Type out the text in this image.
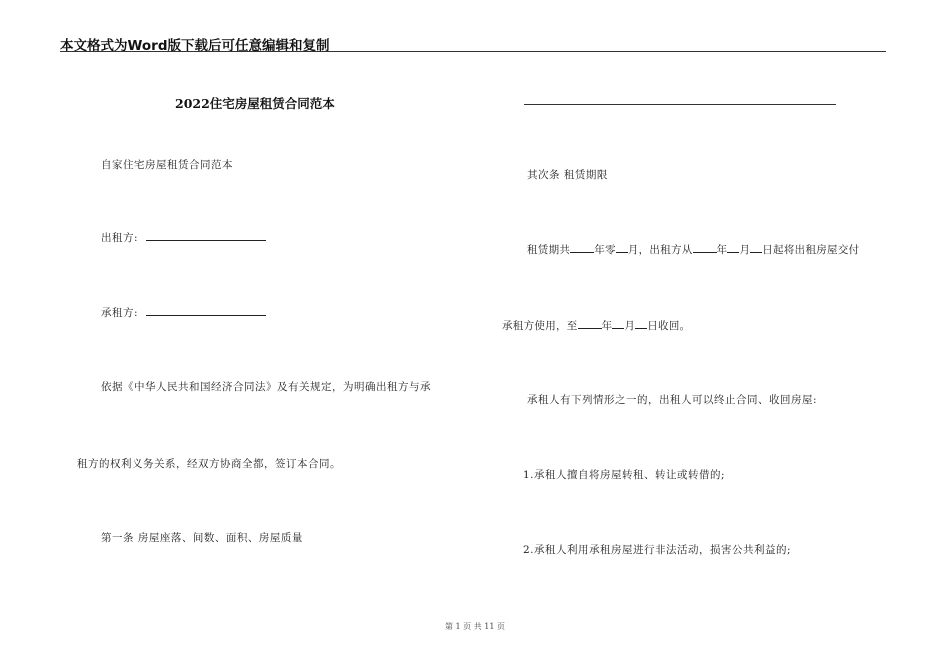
本文格式为Word版下载后可任意编辑和复制
2022住宅房屋租赁合同范本
自家住宅房屋租赁合同范本
出租方:
承租方:
依据《中华人民共和国经济合同法》及有关规定，为明确出租方与承
租方的权利义务关系，经双方协商全都，签订本合同。
第一条 房屋座落、间数、面积、房屋质量
其次条 租赁期限
租赁期共 年零 月，出租方从 年 月 日起将出租房屋交付
承租方使用，至 年 月 日收回。
承租人有下列情形之一的，出租人可以终止合同、收回房屋:
1.承租人擅自将房屋转租、转让或转借的;
2.承租人利用承租房屋进行非法活动，损害公共利益的;
第 1 页 共 11 页
